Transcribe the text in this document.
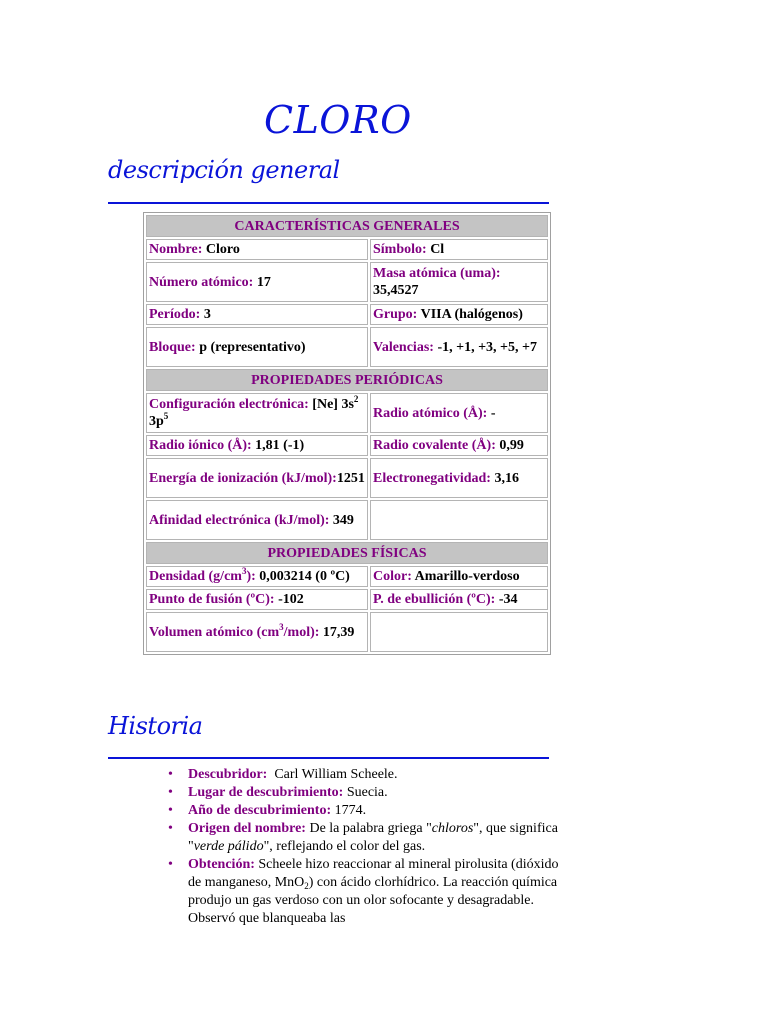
CLORO
descripción general
CARACTERÍSTICAS GENERALES	
Nombre: Cloro	Símbolo: Cl
Número atómico: 17	Masa atómica (uma): 35,4527
Período: 3	Grupo: VIIA (halógenos)
Bloque: p (representativo)	Valencias: -1, +1, +3, +5, +7
PROPIEDADES PERIÓDICAS	
Configuración electrónica: [Ne] $3s^2$ $3p^5$	Radio atómico (Å): -
Radio iónico (Å): 1,81 (-1)	Radio covalente (Å): 0,99
Energía de ionización (kJ/mol):1251	Electronegatividad: 3,16
Afinidad electrónica (kJ/mol): 349	
PROPIEDADES FÍSICAS	
Densidad $(g/cm^3)$: 0,003214 (0 ºC)	Color: Amarillo-verdoso
Punto de fusión (ºC): -102	P. de ebullición (ºC): -34
Volumen atómico $(cm^3/mol)$: 17,39	
Historia
• Descubridor: Carl William Scheele.
• Lugar de descubrimiento: Suecia.
• Año de descubrimiento: 1774.
• Origen del nombre: De la palabra griega "chloros", que significa "verde pálido", reflejando el color del gas.
• Obtención: Scheele hizo reaccionar al mineral pirolusita (dióxido de manganeso, MnO$_2$) con ácido clorhídrico. La reacción química produjo un gas verdoso con un olor sofocante y desagradable. Observó que blanqueaba las
